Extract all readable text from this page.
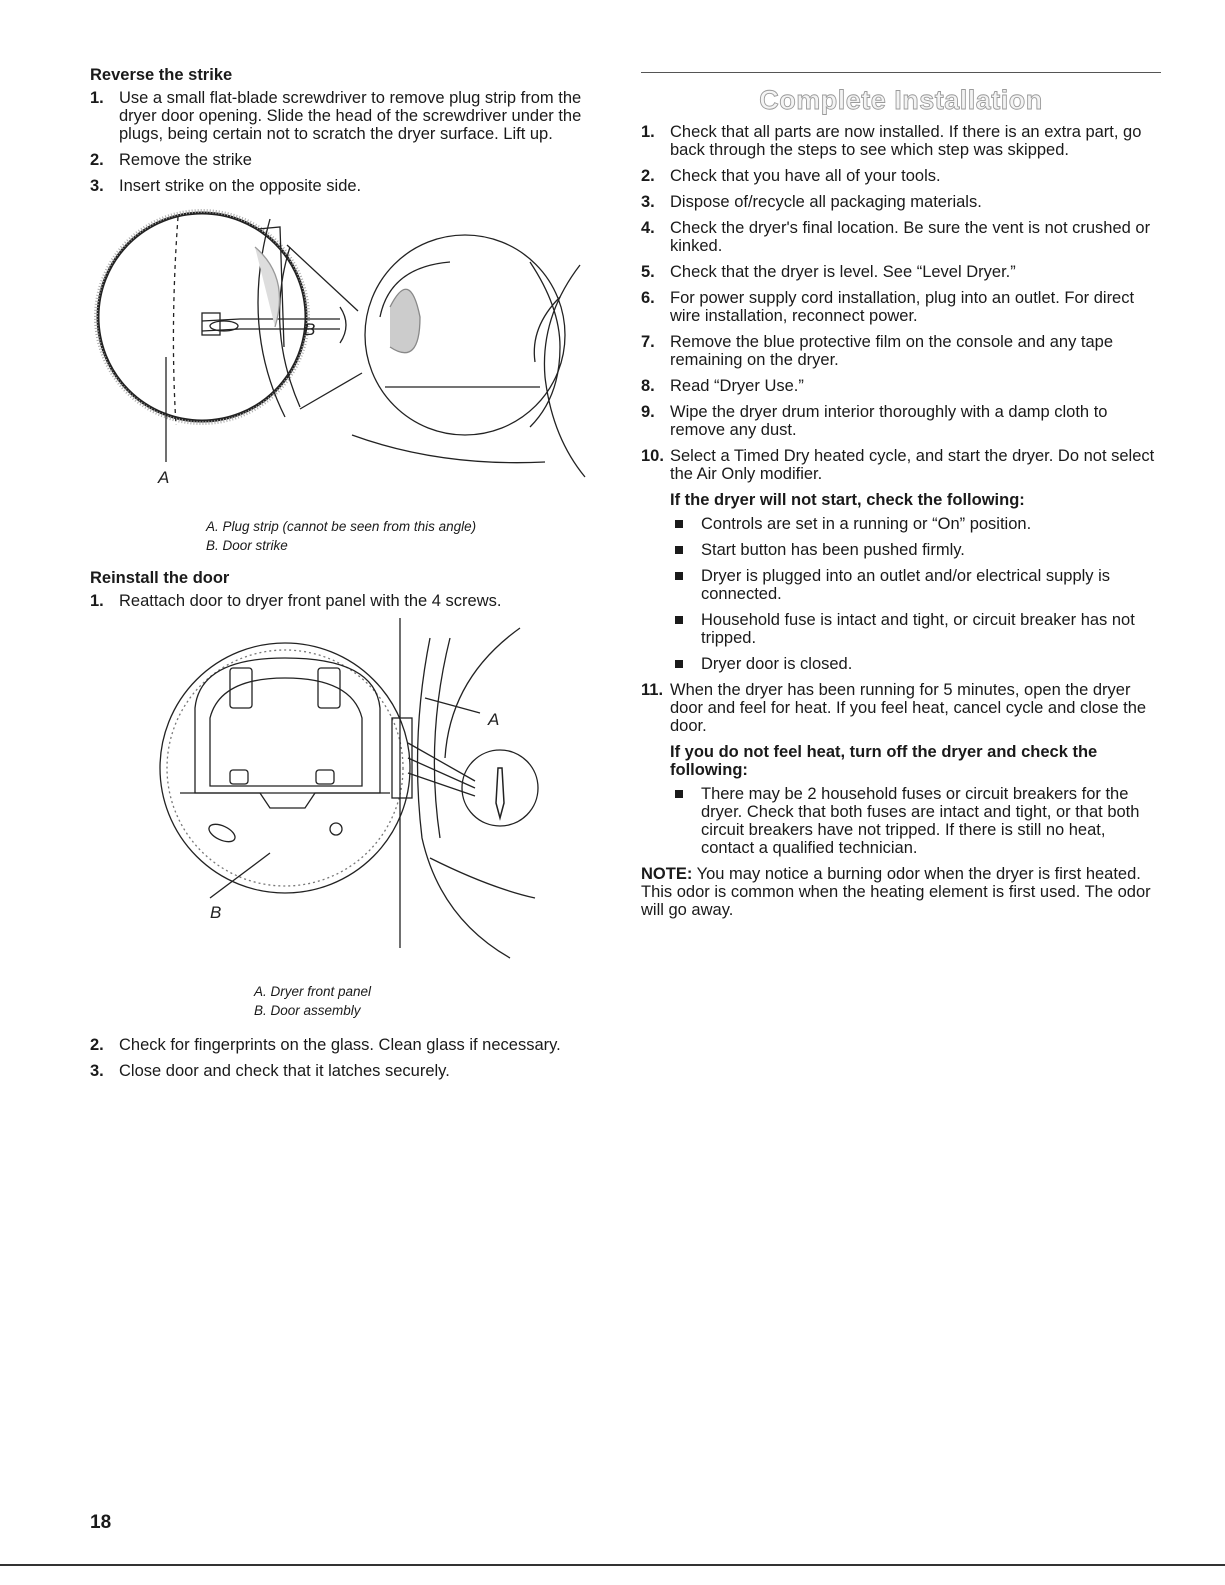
Reverse the strike
1. Use a small flat-blade screwdriver to remove plug strip from the dryer door opening. Slide the head of the screwdriver under the plugs, being certain not to scratch the dryer surface. Lift up.
2. Remove the strike
3. Insert strike on the opposite side.
B
A
A. Plug strip (cannot be seen from this angle)
B. Door strike
Reinstall the door
1. Reattach door to dryer front panel with the 4 screws.
A
B
A. Dryer front panel
B. Door assembly
2. Check for fingerprints on the glass. Clean glass if necessary.
3. Close door and check that it latches securely.
Complete Installation
1. Check that all parts are now installed. If there is an extra part, go back through the steps to see which step was skipped.
2. Check that you have all of your tools.
3. Dispose of/recycle all packaging materials.
4. Check the dryer's final location. Be sure the vent is not crushed or kinked.
5. Check that the dryer is level. See “Level Dryer.”
6. For power supply cord installation, plug into an outlet. For direct wire installation, reconnect power.
7. Remove the blue protective film on the console and any tape remaining on the dryer.
8. Read “Dryer Use.”
9. Wipe the dryer drum interior thoroughly with a damp cloth to remove any dust.
10. Select a Timed Dry heated cycle, and start the dryer. Do not select the Air Only modifier.
If the dryer will not start, check the following:
Controls are set in a running or “On” position.
Start button has been pushed firmly.
Dryer is plugged into an outlet and/or electrical supply is connected.
Household fuse is intact and tight, or circuit breaker has not tripped.
Dryer door is closed.
11. When the dryer has been running for 5 minutes, open the dryer door and feel for heat. If you feel heat, cancel cycle and close the door.
If you do not feel heat, turn off the dryer and check the following:
There may be 2 household fuses or circuit breakers for the dryer. Check that both fuses are intact and tight, or that both circuit breakers have not tripped. If there is still no heat, contact a qualified technician.
NOTE: You may notice a burning odor when the dryer is first heated. This odor is common when the heating element is first used. The odor will go away.
18
